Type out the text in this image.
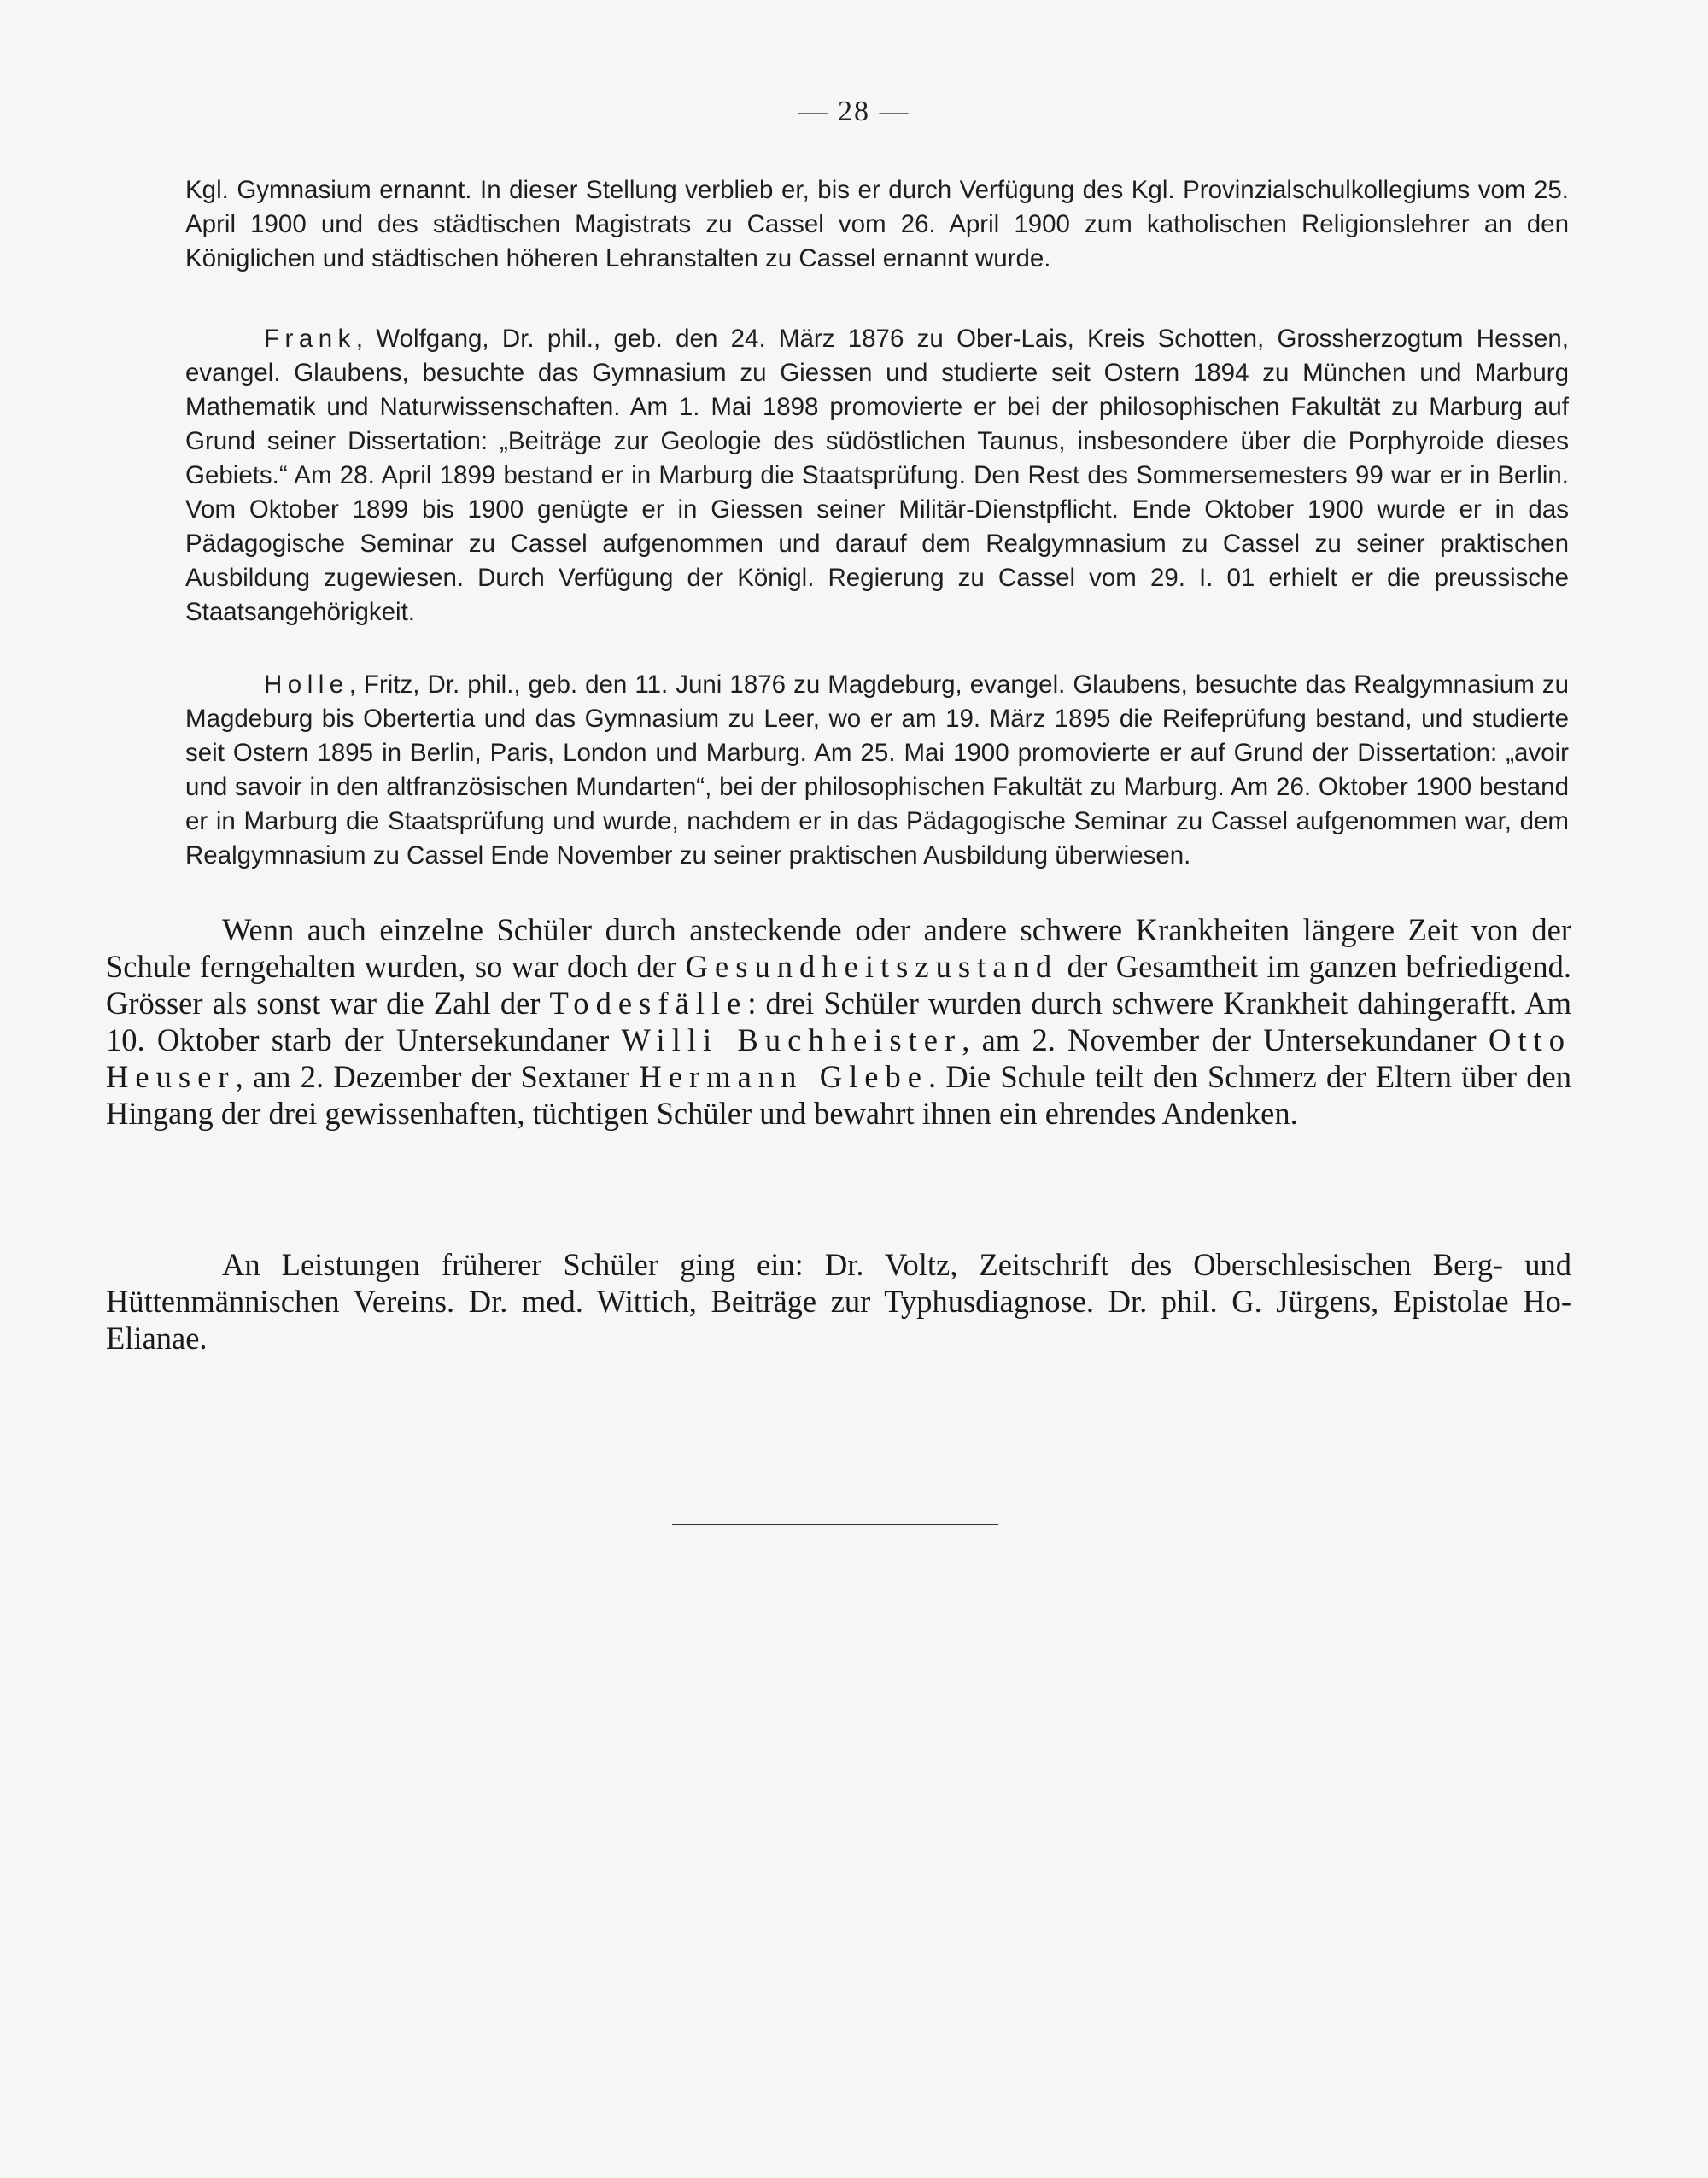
— 28 —

Kgl. Gymnasium ernannt. In dieser Stellung verblieb er, bis er durch Verfügung des Kgl. Provinzialschulkollegiums vom 25. April 1900 und des städtischen Magistrats zu Cassel vom 26. April 1900 zum katholischen Religionslehrer an den Königlichen und städtischen höheren Lehranstalten zu Cassel ernannt wurde.

Frank, Wolfgang, Dr. phil., geb. den 24. März 1876 zu Ober-Lais, Kreis Schotten, Grossherzogtum Hessen, evangel. Glaubens, besuchte das Gymnasium zu Giessen und studierte seit Ostern 1894 zu München und Marburg Mathematik und Naturwissenschaften. Am 1. Mai 1898 promovierte er bei der philosophischen Fakultät zu Marburg auf Grund seiner Dissertation: „Beiträge zur Geologie des südöstlichen Taunus, insbesondere über die Porphyroide dieses Gebiets.“ Am 28. April 1899 bestand er in Marburg die Staatsprüfung. Den Rest des Sommersemesters 99 war er in Berlin. Vom Oktober 1899 bis 1900 genügte er in Giessen seiner Militär-Dienstpflicht. Ende Oktober 1900 wurde er in das Pädagogische Seminar zu Cassel aufgenommen und darauf dem Realgymnasium zu Cassel zu seiner praktischen Ausbildung zugewiesen. Durch Verfügung der Königl. Regierung zu Cassel vom 29. I. 01 erhielt er die preussische Staatsangehörigkeit.

Holle, Fritz, Dr. phil., geb. den 11. Juni 1876 zu Magdeburg, evangel. Glaubens, besuchte das Realgymnasium zu Magdeburg bis Obertertia und das Gymnasium zu Leer, wo er am 19. März 1895 die Reifeprüfung bestand, und studierte seit Ostern 1895 in Berlin, Paris, London und Marburg. Am 25. Mai 1900 promovierte er auf Grund der Dissertation: „avoir und savoir in den altfranzösischen Mundarten“, bei der philosophischen Fakultät zu Marburg. Am 26. Oktober 1900 bestand er in Marburg die Staatsprüfung und wurde, nachdem er in das Pädagogische Seminar zu Cassel aufgenommen war, dem Realgymnasium zu Cassel Ende November zu seiner praktischen Ausbildung überwiesen.

Wenn auch einzelne Schüler durch ansteckende oder andere schwere Krankheiten längere Zeit von der Schule ferngehalten wurden, so war doch der Gesundheitszustand der Gesamtheit im ganzen befriedigend. Grösser als sonst war die Zahl der Todesfälle: drei Schüler wurden durch schwere Krankheit dahingerafft. Am 10. Oktober starb der Untersekundaner Willi Buchheister, am 2. November der Untersekundaner Otto Heuser, am 2. Dezember der Sextaner Hermann Glebe. Die Schule teilt den Schmerz der Eltern über den Hingang der drei gewissenhaften, tüchtigen Schüler und bewahrt ihnen ein ehrendes Andenken.

An Leistungen früherer Schüler ging ein: Dr. Voltz, Zeitschrift des Oberschlesischen Berg- und Hüttenmännischen Vereins. Dr. med. Wittich, Beiträge zur Typhusdiagnose. Dr. phil. G. Jürgens, Epistolae Ho-Elianae.
